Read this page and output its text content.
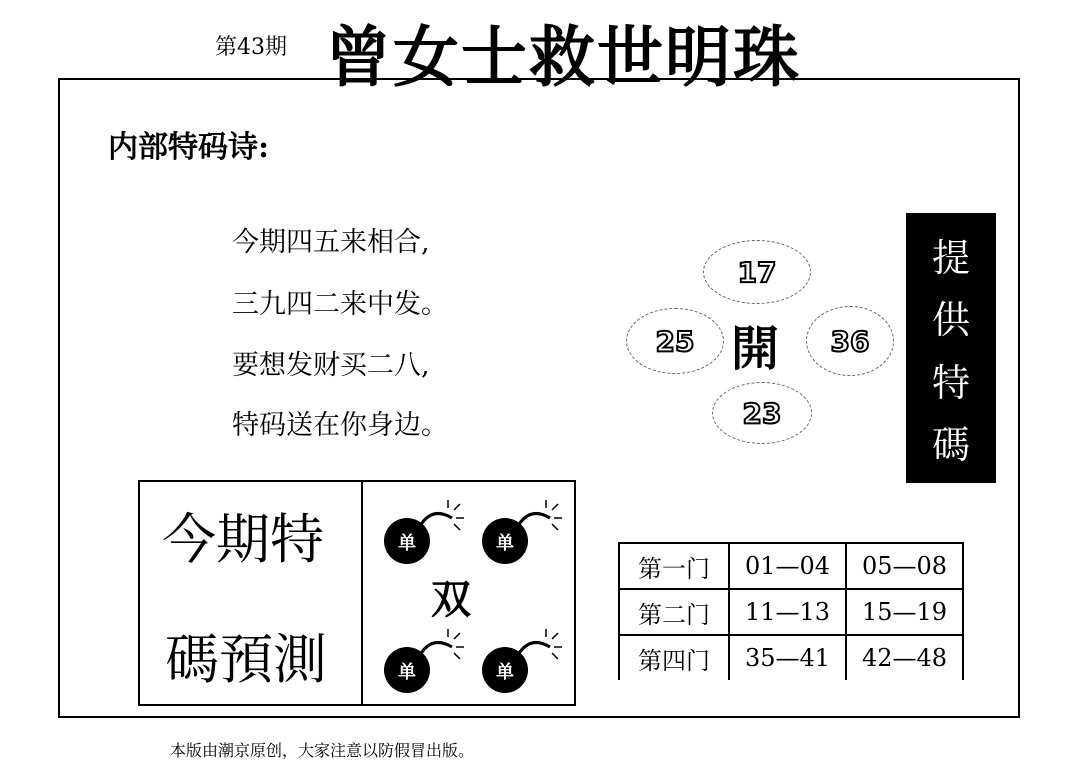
第43期 曾女士救世明珠
内部特码诗:
今期四五来相合,
三九四二来中发。
要想发财买二八,
特码送在你身边。
17
25	36
23
開
提
供
特
碼
今期特
碼預測
单	单
双
单	单
第一门	01—04	05—08
第二门	11—13	15—19
第四门	35—41	42—48
本版由潮京原创，大家注意以防假冒出版。
